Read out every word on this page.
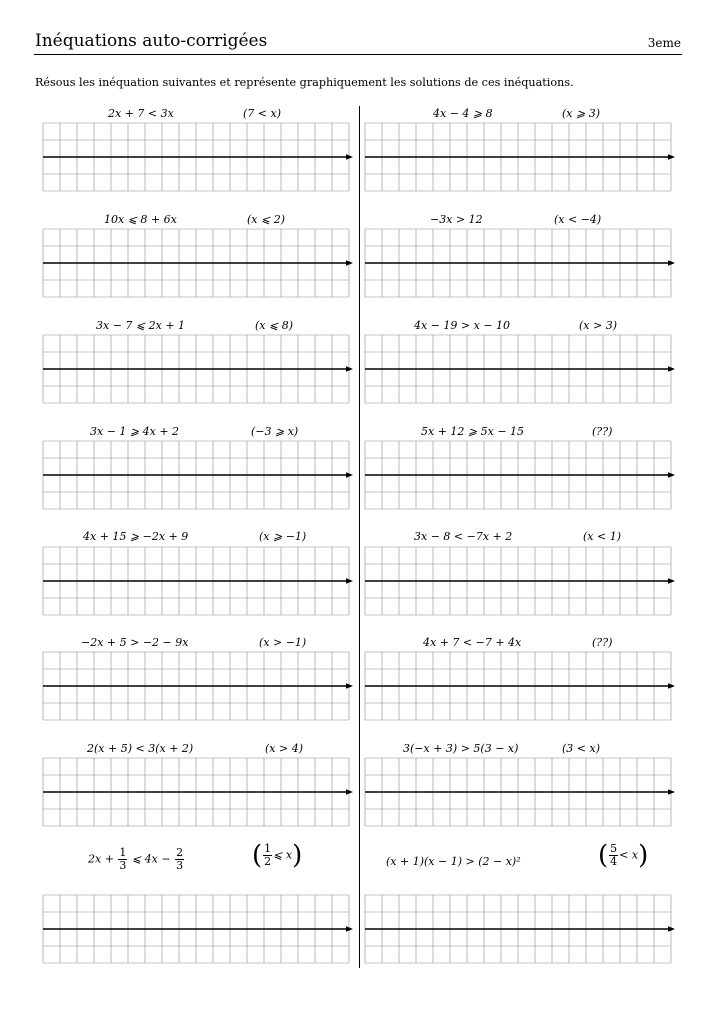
Inéquations auto-corrigées	3eme
Résous les inéquation suivantes et représente graphiquement les solutions de ces inéquations.
2x + 7 < 3x	(7 < x)	4x − 4 ⩾ 8	(x ⩾ 3)
10x ⩽ 8 + 6x	(x ⩽ 2)	−3x > 12	(x < −4)
3x − 7 ⩽ 2x + 1	(x ⩽ 8)	4x − 19 > x − 10	(x > 3)
3x − 1 ⩾ 4x + 2	(−3 ⩾ x)	5x + 12 ⩾ 5x − 15	(??)
4x + 15 ⩾ −2x + 9	(x ⩾ −1)	3x − 8 < −7x + 2	(x < 1)
−2x + 5 > −2 − 9x	(x > −1)	4x + 7 < −7 + 4x	(??)
2(x + 5) < 3(x + 2)	(x > 4)	3(−x + 3) > 5(3 − x)	(3 < x)
$2x + \frac{1}{3}$ ⩽ $4x - \frac{2}{3}$	( $\frac{1}{2}$ ⩽ x)	(x + 1)(x − 1) > (2 − x)²	( $\frac{5}{4} < x$)
